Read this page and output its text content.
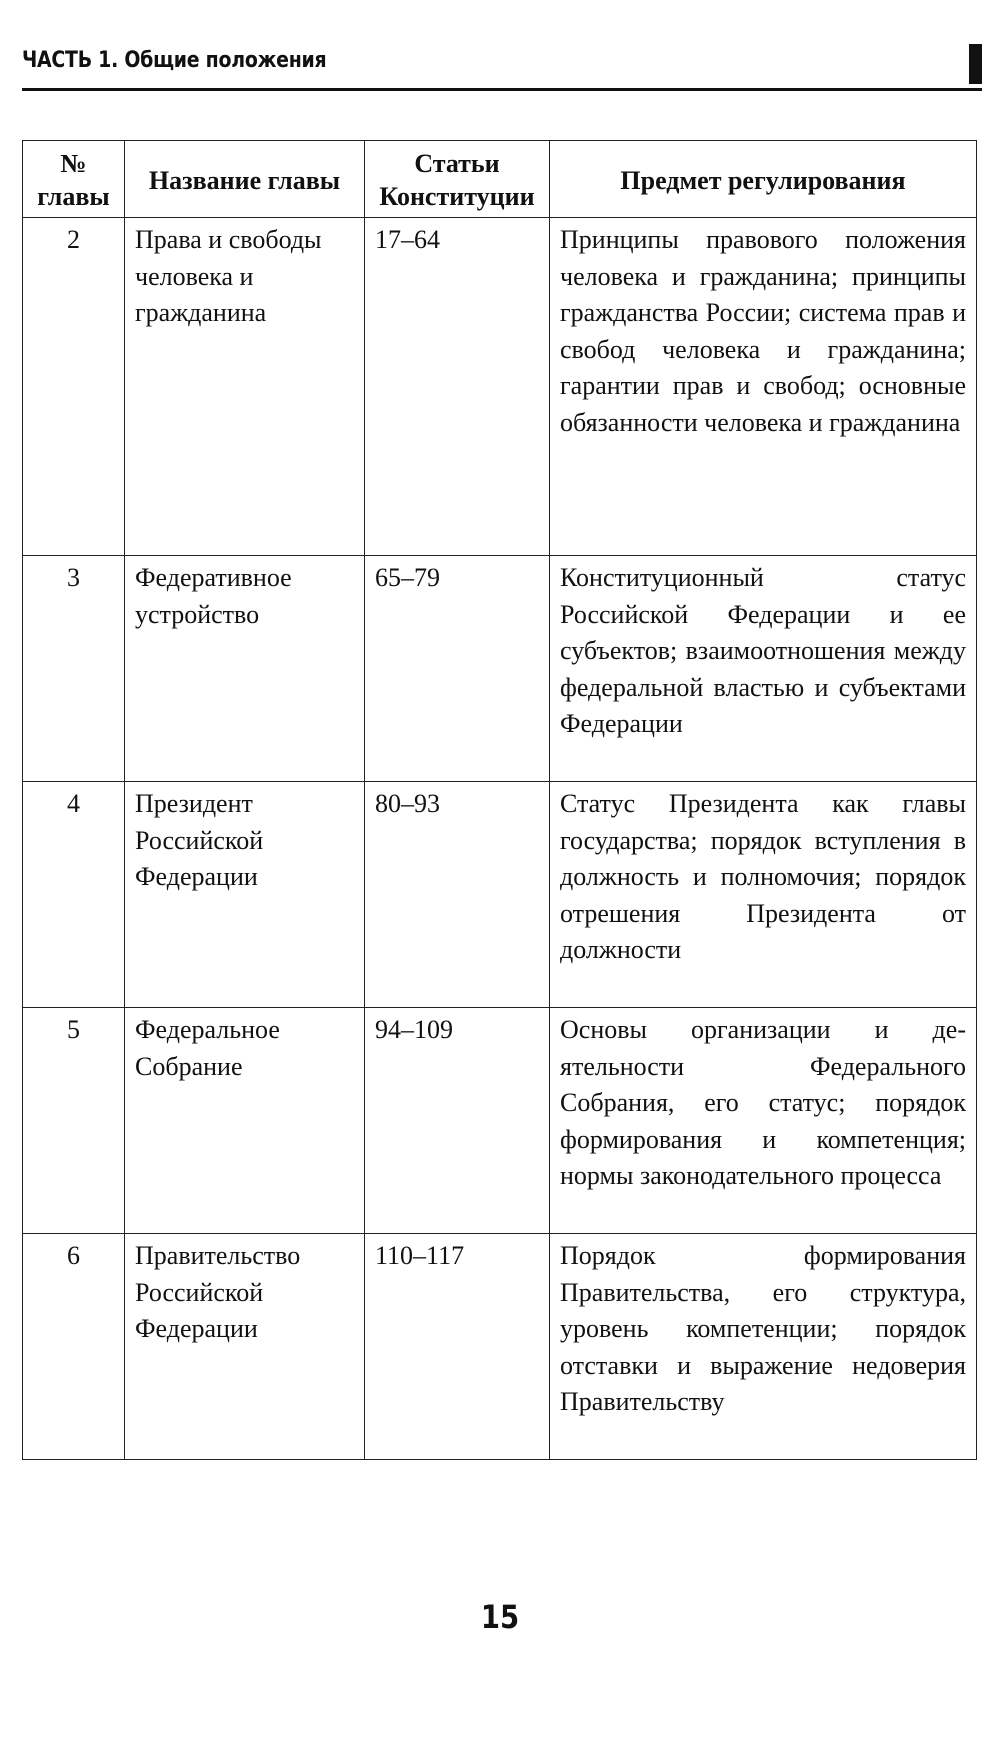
ЧАСТЬ 1. Общие положения
№ главы	Название главы	Статьи Конституции	Предмет регулирования
2	Права и свободы человека и гражданина	17–64	Принципы правового положения человека и гражданина; принципы гражданства России; система прав и свобод человека и гражданина; гарантии прав и свобод; основные обязанности человека и гражданина
3	Федеративное устройство	65–79	Конституционный статус Российской Федерации и ее субъектов; взаимоотношения между федеральной властью и субъектами Федерации
4	Президент Российской Федерации	80–93	Статус Президента как главы государства; порядок вступления в должность и полномочия; порядок отрешения Президента от должности
5	Федеральное Собрание	94–109	Основы организации и деятельности Федерального Собрания, его статус; порядок формирования и компетенция; нормы законодательного процесса
6	Правительство Российской Федерации	110–117	Порядок формирования Правительства, его структура, уровень компетенции; порядок отставки и выражение недоверия Правительству
15
